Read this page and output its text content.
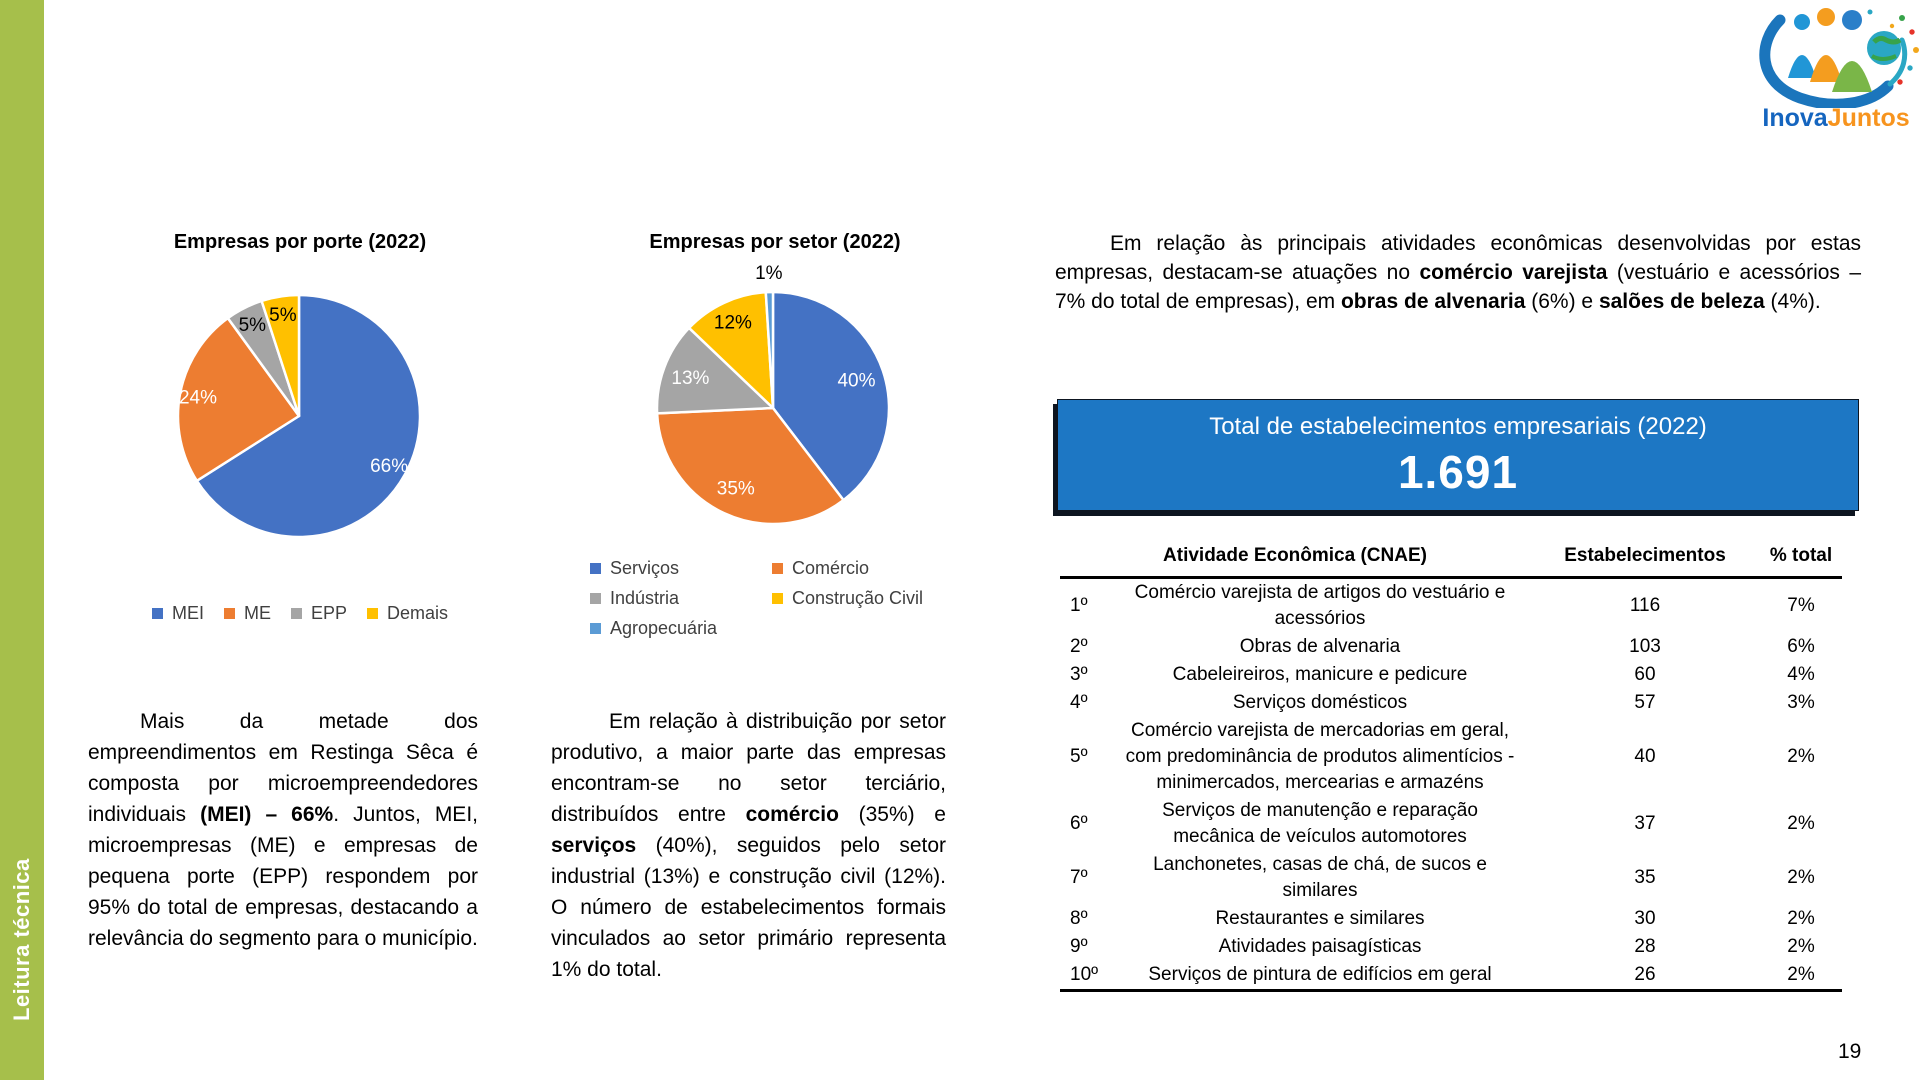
Leitura técnica
InovaJuntos
Empresas por porte (2022)
66%
24%
5% 5%
MEI ME EPP Demais
Empresas por setor (2022)
40%
35%
13%
12%
1%
Serviços	Comércio
Indústria	Construção Civil
Agropecuária
Mais da metade dos empreendimentos em Restinga Sêca é composta por microempreendedores individuais (MEI) – 66%. Juntos, MEI, microempresas (ME) e empresas de pequena porte (EPP) respondem por 95% do total de empresas, destacando a relevância do segmento para o município.
Em relação à distribuição por setor produtivo, a maior parte das empresas encontram-se no setor terciário, distribuídos entre comércio (35%) e serviços (40%), seguidos pelo setor industrial (13%) e construção civil (12%). O número de estabelecimentos formais vinculados ao setor primário representa 1% do total.
Em relação às principais atividades econômicas desenvolvidas por estas empresas, destacam-se atuações no comércio varejista (vestuário e acessórios – 7% do total de empresas), em obras de alvenaria (6%) e salões de beleza (4%).
Total de estabelecimentos empresariais (2022)
1.691
Atividade Econômica (CNAE)		Estabelecimentos	% total
1º	Comércio varejista de artigos do vestuário e acessórios	116	7%
2º	Obras de alvenaria	103	6%
3º	Cabeleireiros, manicure e pedicure	60	4%
4º	Serviços domésticos	57	3%
5º	Comércio varejista de mercadorias em geral, com predominância de produtos alimentícios - minimercados, mercearias e armazéns	40	2%
6º	Serviços de manutenção e reparação mecânica de veículos automotores	37	2%
7º	Lanchonetes, casas de chá, de sucos e similares	35	2%
8º	Restaurantes e similares	30	2%
9º	Atividades paisagísticas	28	2%
10º	Serviços de pintura de edifícios em geral	26	2%
19
